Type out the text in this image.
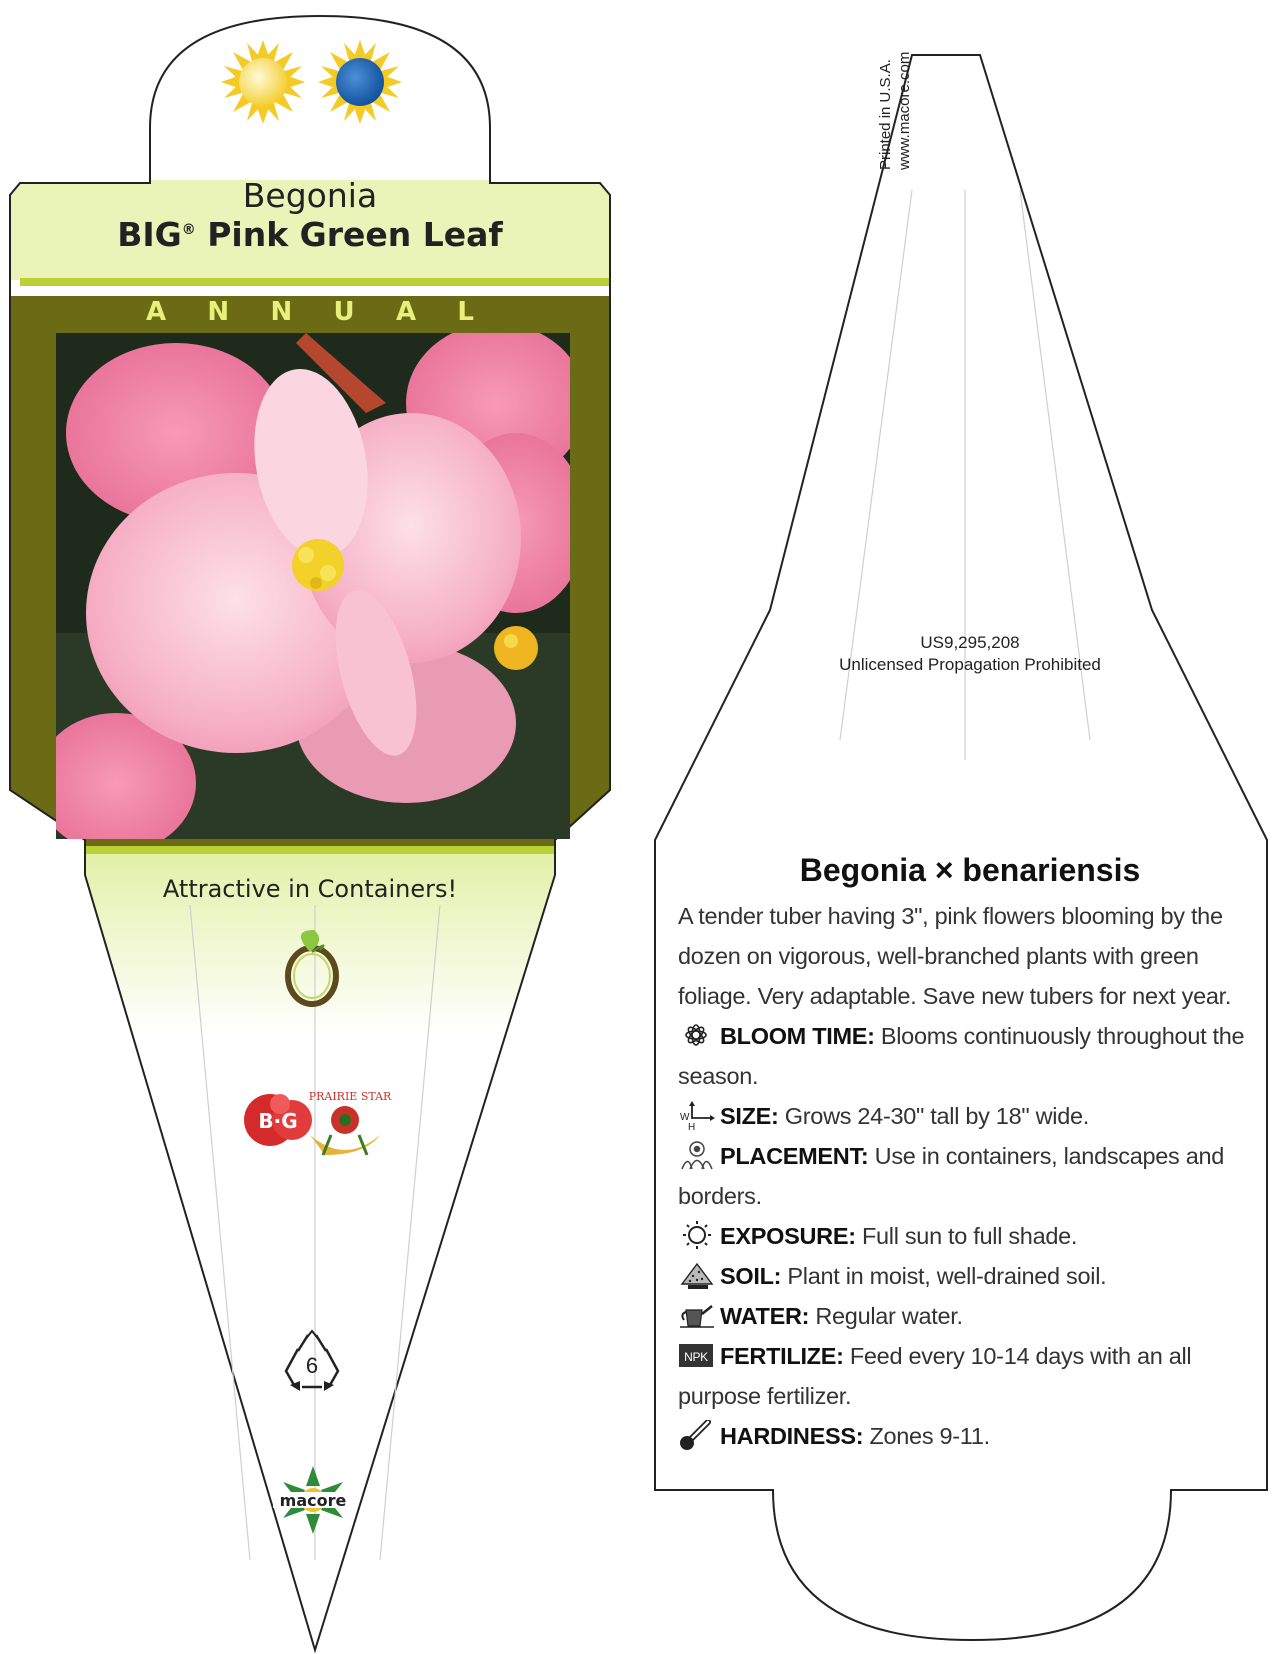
B·G
PRAIRIE STAR
6
macore
Begonia
BIG® Pink Green Leaf
A N N U A L
Attractive in Containers!
Printed in U.S.A. www.macore.com
US9,295,208
Unlicensed Propagation Prohibited
Begonia × benariensis

A tender tuber having 3", pink flowers blooming by the dozen on vigorous, well-branched plants with green foliage. Very adaptable. Save new tubers for next year.

BLOOM TIME: Blooms continuously throughout the season.

W
H SIZE: Grows 24-30" tall by 18" wide.

PLACEMENT: Use in containers, landscapes and borders.

EXPOSURE: Full sun to full shade.

SOIL: Plant in moist, well-drained soil.

WATER: Regular water.

NPK FERTILIZE: Feed every 10-14 days with an all purpose fertilizer.

HARDINESS: Zones 9-11.
